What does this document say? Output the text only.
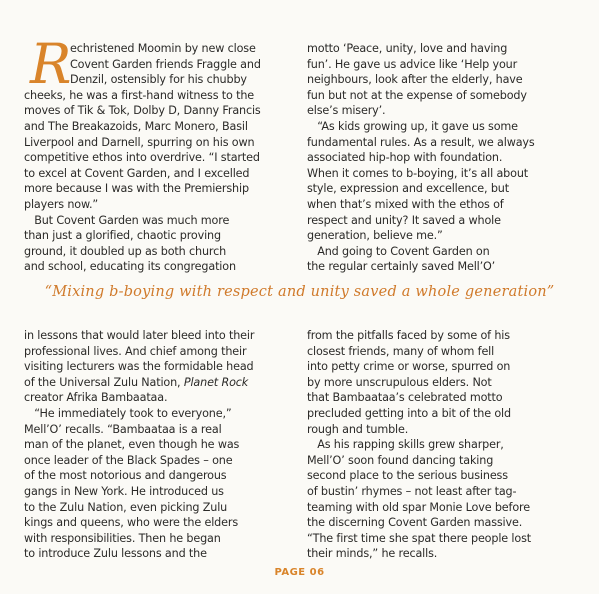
R

echristened Moomin by new close

Covent Garden friends Fraggle and

Denzil, ostensibly for his chubby

cheeks, he was a first-hand witness to the

moves of Tik & Tok, Dolby D, Danny Francis

and The Breakazoids, Marc Monero, Basil

Liverpool and Darnell, spurring on his own

competitive ethos into overdrive. “I started

to excel at Covent Garden, and I excelled

more because I was with the Premiership

players now.”

But Covent Garden was much more

than just a glorified, chaotic proving

ground, it doubled up as both church

and school, educating its congregation

motto ‘Peace, unity, love and having

fun’. He gave us advice like ‘Help your

neighbours, look after the elderly, have

fun but not at the expense of somebody

else’s misery’.

“As kids growing up, it gave us some

fundamental rules. As a result, we always

associated hip-hop with foundation.

When it comes to b-boying, it’s all about

style, expression and excellence, but

when that’s mixed with the ethos of

respect and unity? It saved a whole

generation, believe me.”

And going to Covent Garden on

the regular certainly saved Mell’O’

“Mixing b-boying with respect and unity saved a whole generation”

in lessons that would later bleed into their

professional lives. And chief among their

visiting lecturers was the formidable head

of the Universal Zulu Nation, Planet Rock

creator Afrika Bambaataa.

“He immediately took to everyone,”

Mell’O’ recalls. “Bambaataa is a real

man of the planet, even though he was

once leader of the Black Spades – one

of the most notorious and dangerous

gangs in New York. He introduced us

to the Zulu Nation, even picking Zulu

kings and queens, who were the elders

with responsibilities. Then he began

to introduce Zulu lessons and the

from the pitfalls faced by some of his

closest friends, many of whom fell

into petty crime or worse, spurred on

by more unscrupulous elders. Not

that Bambaataa’s celebrated motto

precluded getting into a bit of the old

rough and tumble.

As his rapping skills grew sharper,

Mell’O’ soon found dancing taking

second place to the serious business

of bustin’ rhymes – not least after tag-

teaming with old spar Monie Love before

the discerning Covent Garden massive.

“The first time she spat there people lost

their minds,” he recalls.

PAGE 06
